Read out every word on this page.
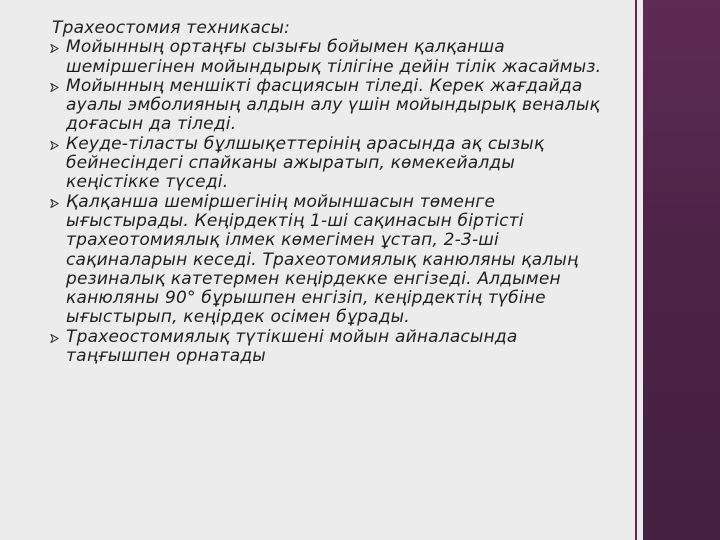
Трахеостомия техникасы:
Мойынның ортаңғы сызығы бойымен қалқанша шеміршегінен мойындырық тілігіне дейін тілік жасаймыз.
Мойынның меншікті фасциясын тіледі. Керек жағдайда ауалы эмболияның алдын алу үшін мойындырық веналық доғасын да тіледі.
Кеуде-тіласты бұлшықеттерінің арасында ақ сызық бейнесіндегі спайканы ажыратып, көмекейалды кеңістікке түседі.
Қалқанша шеміршегінің мойыншасын төменге ығыстырады. Кеңірдектің 1-ші сақинасын біртісті трахеотомиялық ілмек көмегімен ұстап, 2-3-ші сақиналарын кеседі. Трахеотомиялық канюляны қалың резиналық катетермен кеңірдекке енгізеді. Алдымен канюляны 90° бұрышпен енгізіп, кеңірдектің түбіне ығыстырып, кеңірдек осімен бұрады.
Трахеостомиялық түтікшені мойын айналасында таңғышпен орнатады
